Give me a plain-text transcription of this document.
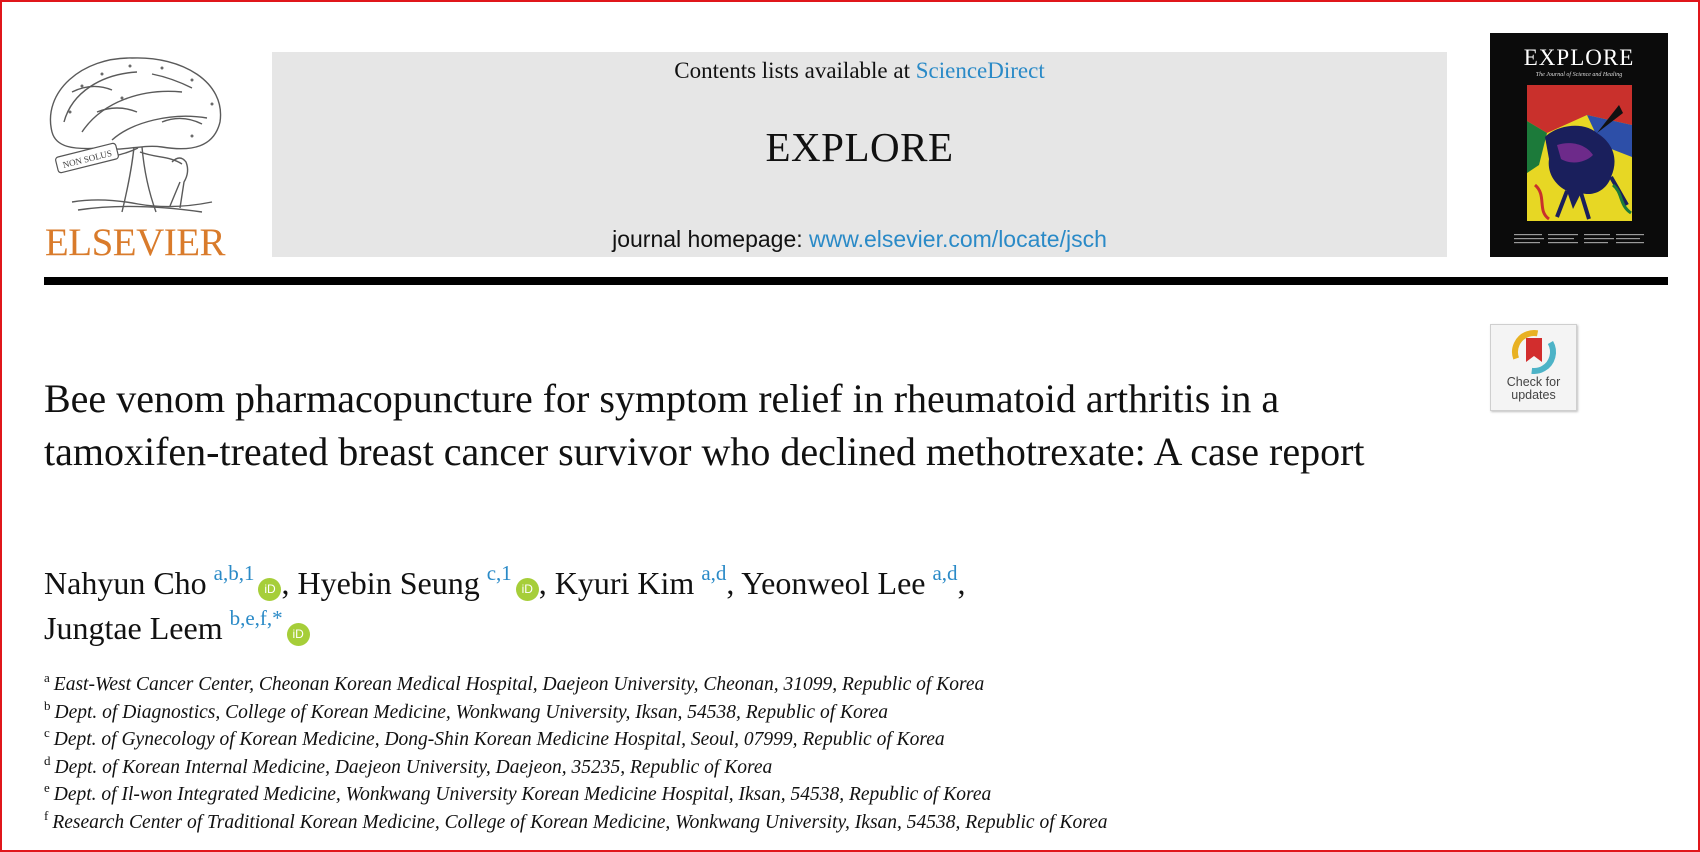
NON SOLUS
ELSEVIER
Contents lists available at ScienceDirect
EXPLORE
journal homepage: www.elsevier.com/locate/jsch
EXPLORE
The Journal of Science and Healing
Check for
updates
Bee venom pharmacopuncture for symptom relief in rheumatoid arthritis in a tamoxifen-treated breast cancer survivor who declined methotrexate: A case report
Nahyun Cho $^{a,b,1}$iD , Hyebin Seung $^{c,1}$iD , Kyuri Kim $^{a,d}$, Yeonweol Lee $^{a,d}$,
Jungtae Leem $^{b,e,f,*}$iD
$^a$ East-West Cancer Center, Cheonan Korean Medical Hospital, Daejeon University, Cheonan, 31099, Republic of Korea
$^b$ Dept. of Diagnostics, College of Korean Medicine, Wonkwang University, Iksan, 54538, Republic of Korea
$^c$ Dept. of Gynecology of Korean Medicine, Dong-Shin Korean Medicine Hospital, Seoul, 07999, Republic of Korea
$^d$ Dept. of Korean Internal Medicine, Daejeon University, Daejeon, 35235, Republic of Korea
$^e$ Dept. of Il-won Integrated Medicine, Wonkwang University Korean Medicine Hospital, Iksan, 54538, Republic of Korea
$^f$ Research Center of Traditional Korean Medicine, College of Korean Medicine, Wonkwang University, Iksan, 54538, Republic of Korea
